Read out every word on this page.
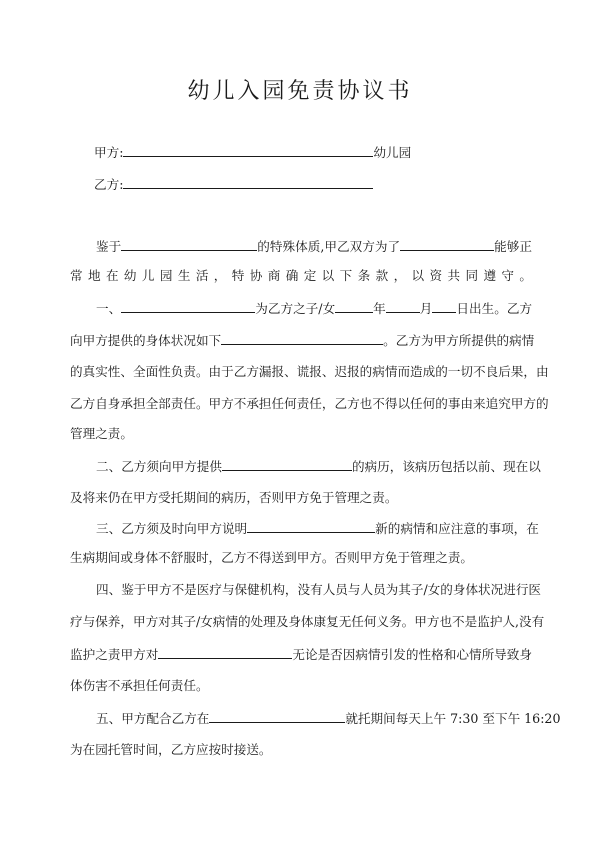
幼儿入园免责协议书
甲方:	幼儿园
乙方:
鉴于	的特殊体质,甲乙双方为了	能够正
常地在幼儿园生活，特协商确定以下条款，以资共同遵守。
一、	为乙方之子/女	年	月 日出生。乙方
向甲方提供的身体状况如下	。乙方为甲方所提供的病情
的真实性、全面性负责。由于乙方漏报、谎报、迟报的病情而造成的一切不良后果，由
乙方自身承担全部责任。甲方不承担任何责任，乙方也不得以任何的事由来追究甲方的
管理之责。
二、乙方须向甲方提供	的病历，该病历包括以前、现在以
及将来仍在甲方受托期间的病历，否则甲方免于管理之责。
三、乙方须及时向甲方说明	新的病情和应注意的事项，在
生病期间或身体不舒服时，乙方不得送到甲方。否则甲方免于管理之责。
四、鉴于甲方不是医疗与保健机构，没有人员与人员为其子/女的身体状况进行医
疗与保养，甲方对其子/女病情的处理及身体康复无任何义务。甲方也不是监护人,没有
监护之责甲方对	无论是否因病情引发的性格和心情所导致身
体伤害不承担任何责任。
五、甲方配合乙方在	就托期间每天上午 7:30 至下午 16:20
为在园托管时间，乙方应按时接送。
